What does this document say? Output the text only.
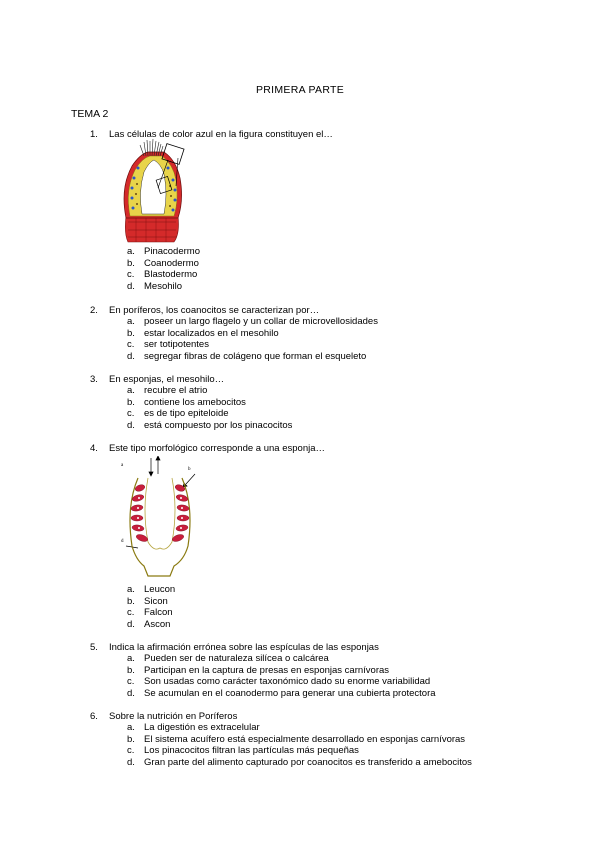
PRIMERA PARTE
TEMA 2
1. Las células de color azul en la figura constituyen el…
a. Pinacodermo
b. Coanodermo
c. Blastodermo
d. Mesohilo
2. En poríferos, los coanocitos se caracterizan por…
a. poseer un largo flagelo y un collar de microvellosidades
b. estar localizados en el mesohilo
c. ser totipotentes
d. segregar fibras de colágeno que forman el esqueleto
3. En esponjas, el mesohilo…
a. recubre el atrio
b. contiene los amebocitos
c. es de tipo epiteloide
d. está compuesto por los pinacocitos
4. Este tipo morfológico corresponde a una esponja…
a
b
d
a. Leucon
b. Sicon
c. Falcon
d. Ascon
5. Indica la afirmación errónea sobre las espículas de las esponjas
a. Pueden ser de naturaleza silícea o calcárea
b. Participan en la captura de presas en esponjas carnívoras
c. Son usadas como carácter taxonómico dado su enorme variabilidad
d. Se acumulan en el coanodermo para generar una cubierta protectora
6. Sobre la nutrición en Poríferos
a. La digestión es extracelular
b. El sistema acuífero está especialmente desarrollado en esponjas carnívoras
c. Los pinacocitos filtran las partículas más pequeñas
d. Gran parte del alimento capturado por coanocitos es transferido a amebocitos
